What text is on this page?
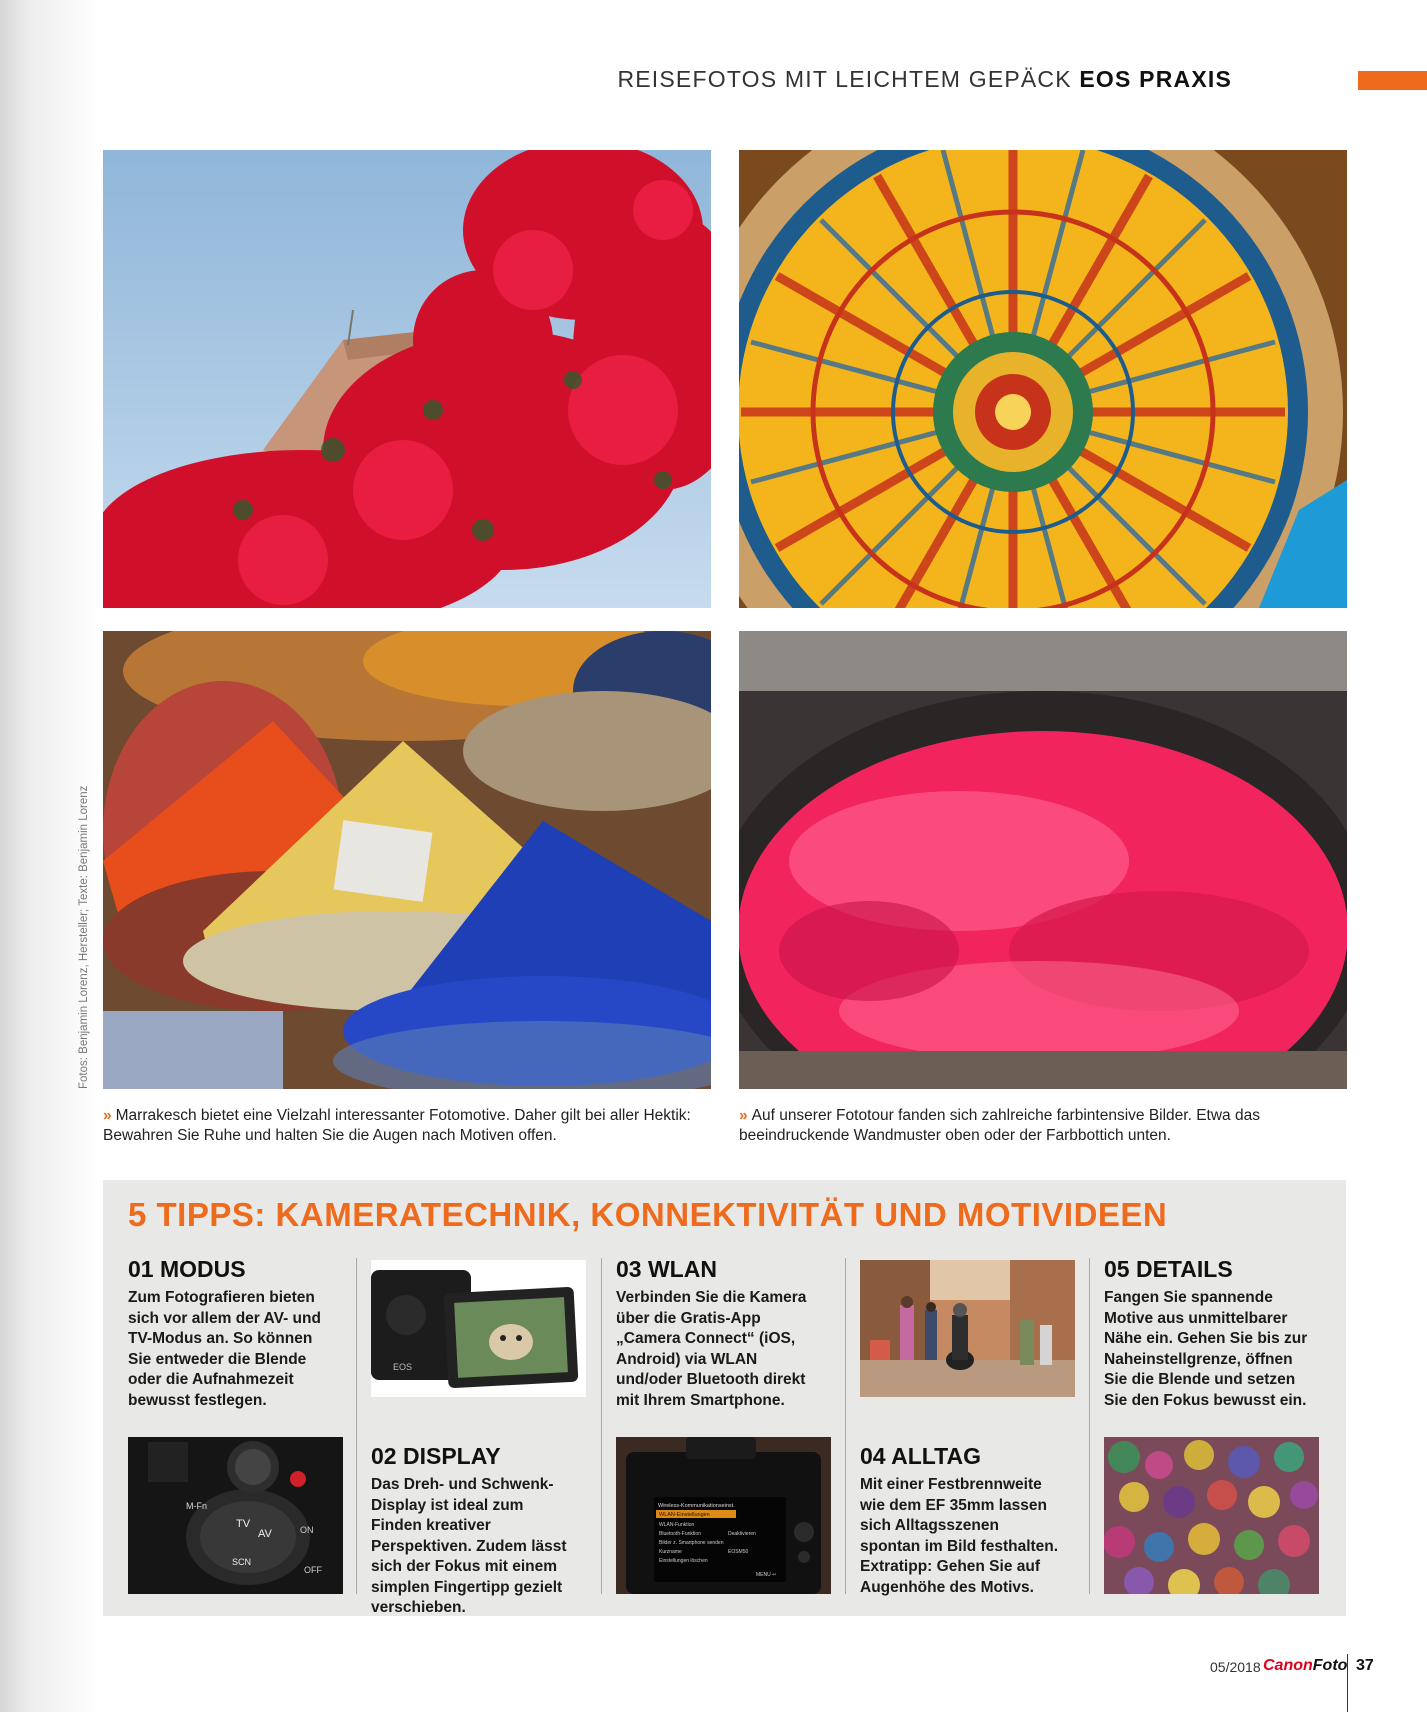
REISEFOTOS MIT LEICHTEM GEPÄCK EOS PRAXIS
Fotos: Benjamin Lorenz, Hersteller; Texte: Benjamin Lorenz
» Marrakesch bietet eine Vielzahl interessanter Fotomotive. Daher gilt bei aller Hektik: Bewahren Sie Ruhe und halten Sie die Augen nach Motiven offen.
» Auf unserer Fototour fanden sich zahlreiche farbintensive Bilder. Etwa das beeindruckende Wandmuster oben oder der Farbbottich unten.
5 TIPPS: KAMERATECHNIK, KONNEKTIVITÄT UND MOTIVIDEEN
01 MODUS
Zum Fotografieren bieten sich vor allem der AV- und TV-Modus an. So können Sie entweder die Blende oder die Aufnahmezeit bewusst festlegen.
EOS
M-Fn
TV
AV
SCN
ON
OFF
02 DISPLAY
Das Dreh- und Schwenk-Display ist ideal zum Finden kreativer Perspektiven. Zudem lässt sich der Fokus mit einem simplen Fingertipp gezielt verschieben.
03 WLAN
Verbinden Sie die Kamera über die Gratis-App „Camera Connect“ (iOS, Android) via WLAN und/oder Bluetooth direkt mit Ihrem Smartphone.
Wireless-Kommunikationseinst.
WLAN-Einstellungen
WLAN-Funktion
Bluetooth-Funktion	Deaktivieren
Bilder z. Smartphone senden
Kurzname	EOSM50
Einstellungen löschen
MENU ↩
04 ALLTAG
Mit einer Festbrennweite wie dem EF 35mm lassen sich Alltagsszenen spontan im Bild festhalten. Extratipp: Gehen Sie auf Augenhöhe des Motivs.
05 DETAILS
Fangen Sie spannende Motive aus unmittelbarer Nähe ein. Gehen Sie bis zur Naheinstellgrenze, öffnen Sie die Blende und setzen Sie den Fokus bewusst ein.
05/2018 CanonFoto 37
